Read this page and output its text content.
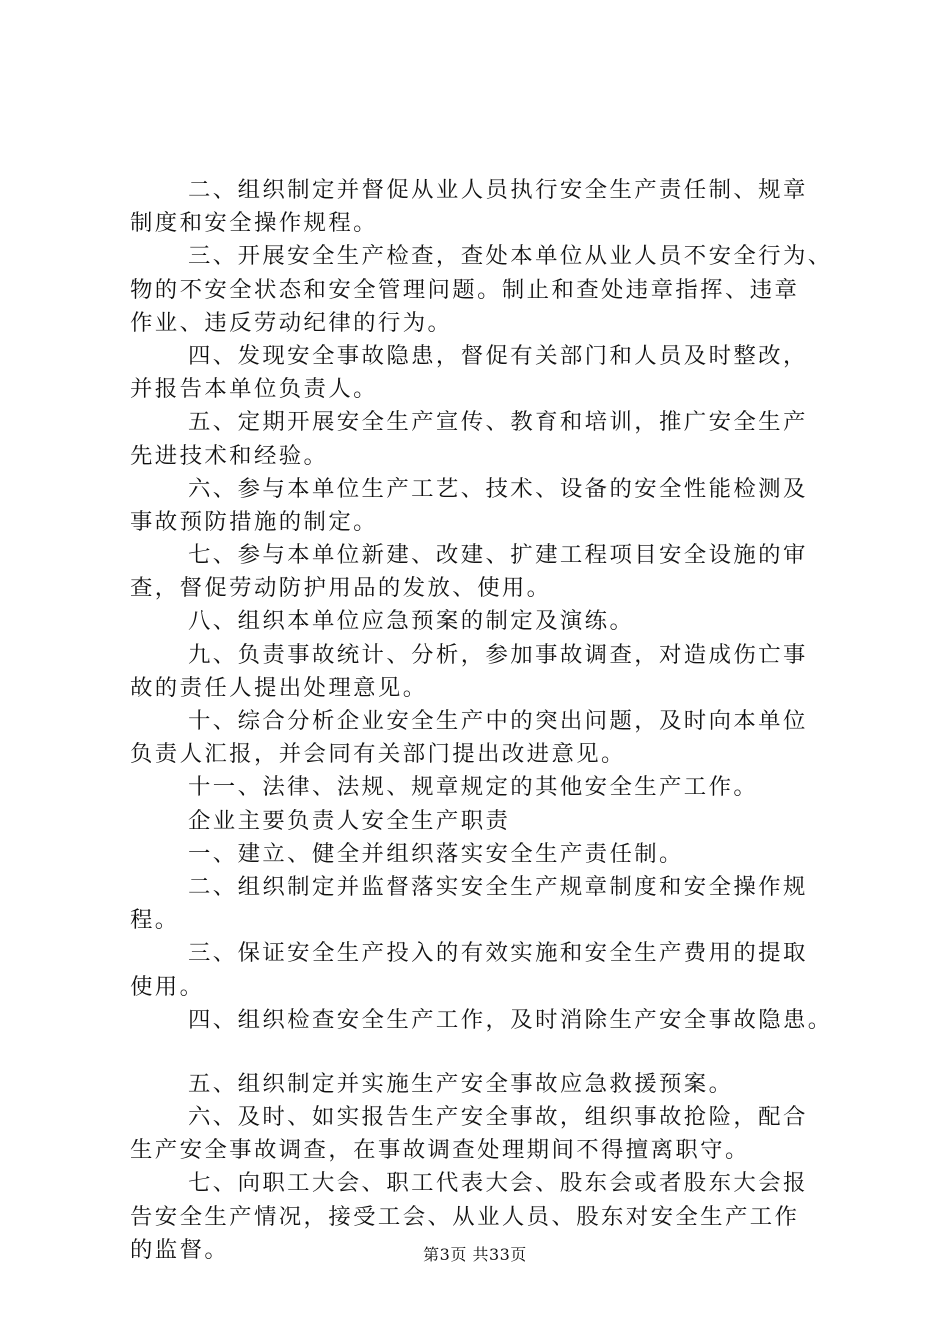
二、组织制定并督促从业人员执行安全生产责任制、规章
制度和安全操作规程。
三、开展安全生产检查，查处本单位从业人员不安全行为、
物的不安全状态和安全管理问题。制止和查处违章指挥、违章
作业、违反劳动纪律的行为。
四、发现安全事故隐患，督促有关部门和人员及时整改，
并报告本单位负责人。
五、定期开展安全生产宣传、教育和培训，推广安全生产
先进技术和经验。
六、参与本单位生产工艺、技术、设备的安全性能检测及
事故预防措施的制定。
七、参与本单位新建、改建、扩建工程项目安全设施的审
查，督促劳动防护用品的发放、使用。
八、组织本单位应急预案的制定及演练。
九、负责事故统计、分析，参加事故调查，对造成伤亡事
故的责任人提出处理意见。
十、综合分析企业安全生产中的突出问题，及时向本单位
负责人汇报，并会同有关部门提出改进意见。
十一、法律、法规、规章规定的其他安全生产工作。
企业主要负责人安全生产职责
一、建立、健全并组织落实安全生产责任制。
二、组织制定并监督落实安全生产规章制度和安全操作规
程。
三、保证安全生产投入的有效实施和安全生产费用的提取
使用。
四、组织检查安全生产工作，及时消除生产安全事故隐患。
五、组织制定并实施生产安全事故应急救援预案。
六、及时、如实报告生产安全事故，组织事故抢险，配合
生产安全事故调查，在事故调查处理期间不得擅离职守。
七、向职工大会、职工代表大会、股东会或者股东大会报
告安全生产情况，接受工会、从业人员、股东对安全生产工作
的监督。	第3页 共33页
